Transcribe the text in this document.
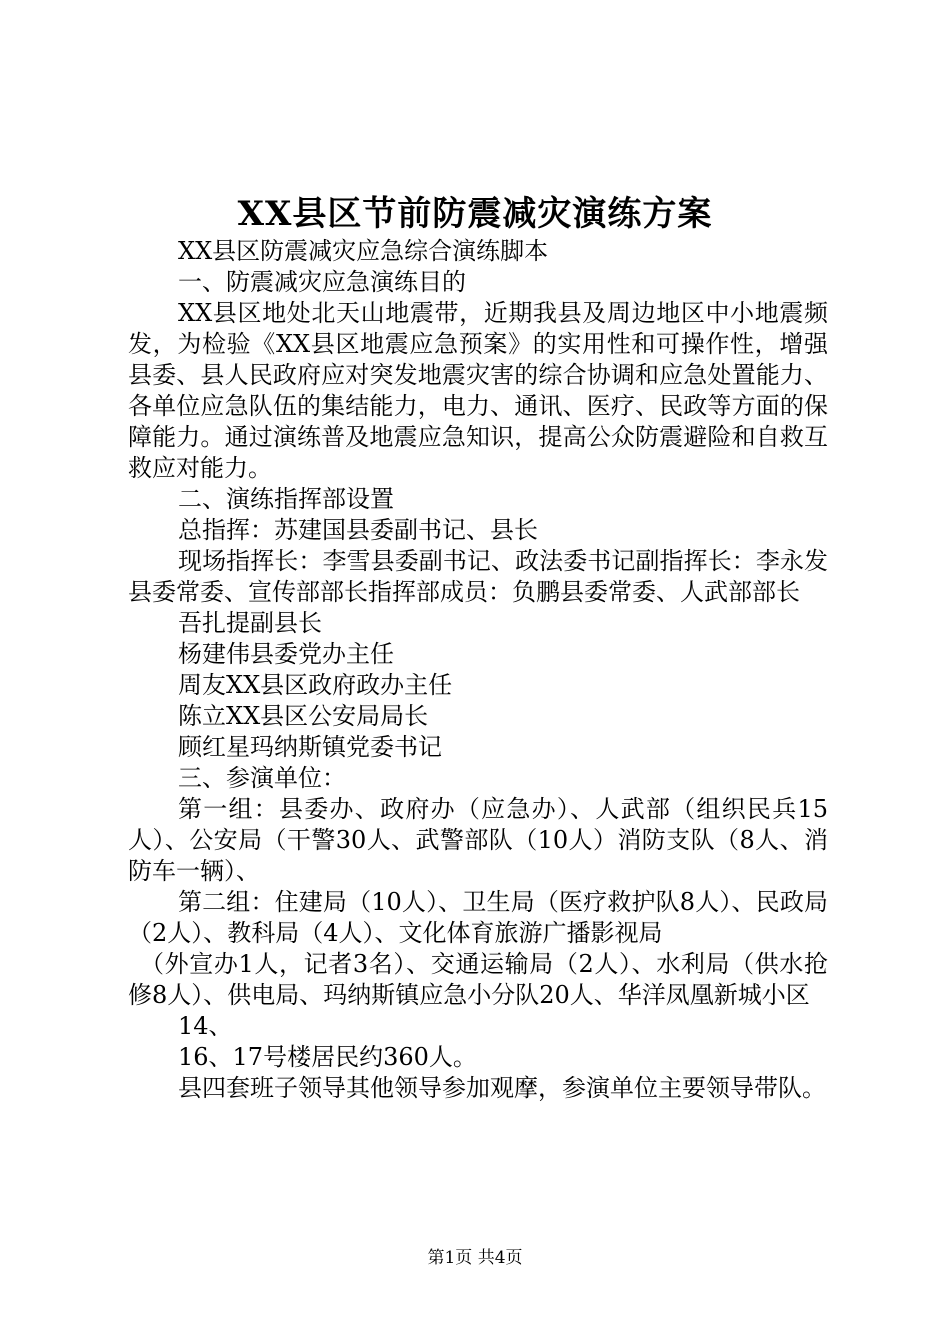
XX县区节前防震减灾演练方案

XX县区防震减灾应急综合演练脚本

一、防震减灾应急演练目的

XX县区地处北天山地震带，近期我县及周边地区中小地震频发，为检验《XX县区地震应急预案》的实用性和可操作性，增强县委、县人民政府应对突发地震灾害的综合协调和应急处置能力、各单位应急队伍的集结能力，电力、通讯、医疗、民政等方面的保障能力。通过演练普及地震应急知识，提高公众防震避险和自救互救应对能力。

二、演练指挥部设置

总指挥：苏建国县委副书记、县长

现场指挥长：李雪县委副书记、政法委书记副指挥长：李永发县委常委、宣传部部长指挥部成员：负鹏县委常委、人武部部长

吾扎提副县长

杨建伟县委党办主任

周友XX县区政府政办主任

陈立XX县区公安局局长

顾红星玛纳斯镇党委书记

三、参演单位：

第一组：县委办、政府办（应急办）、人武部（组织民兵15人）、公安局（干警30人、武警部队（10人）消防支队（8人、消防车一辆）、

第二组：住建局（10人）、卫生局（医疗救护队8人）、民政局（2人）、教科局（4人）、文化体育旅游广播影视局

（外宣办1人，记者3名）、交通运输局（2人）、水利局（供水抢修8人）、供电局、玛纳斯镇应急小分队20人、华洋凤凰新城小区

14、

16、17号楼居民约360人。

县四套班子领导其他领导参加观摩，参演单位主要领导带队。

第1页 共4页
